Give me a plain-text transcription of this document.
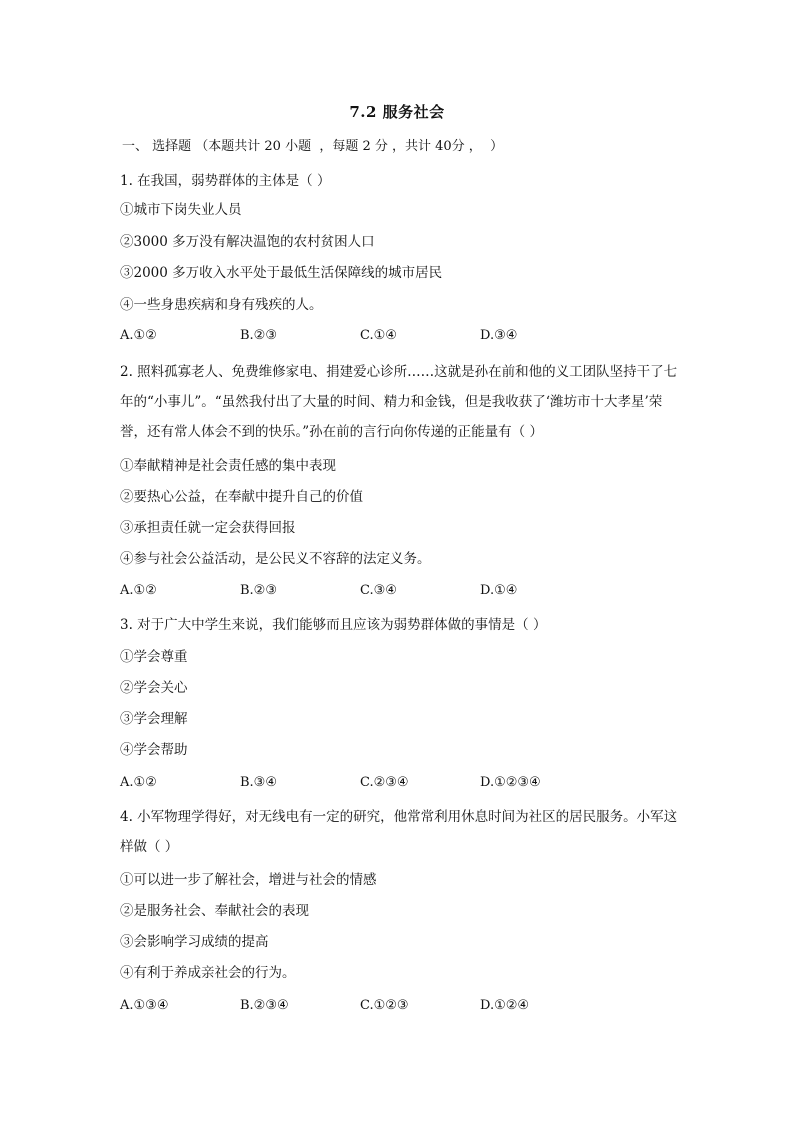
7.2 服务社会
一、 选择题 （本题共计 20 小题  ，每题 2 分 ，共计 40分 ，  ）
1. 在我国，弱势群体的主体是（ ）
①城市下岗失业人员
②3000 多万没有解决温饱的农村贫困人口
③2000 多万收入水平处于最低生活保障线的城市居民
④一些身患疾病和身有残疾的人。
A.①②	B.②③	C.①④	D.③④
2. 照料孤寡老人、免费维修家电、捐建爱心诊所……这就是孙在前和他的义工团队坚持干了七年的“小事儿”。“虽然我付出了大量的时间、精力和金钱，但是我收获了‘潍坊市十大孝星’荣誉，还有常人体会不到的快乐。”孙在前的言行向你传递的正能量有（ ）
①奉献精神是社会责任感的集中表现
②要热心公益，在奉献中提升自己的价值
③承担责任就一定会获得回报
④参与社会公益活动，是公民义不容辞的法定义务。
A.①②	B.②③	C.③④	D.①④
3. 对于广大中学生来说，我们能够而且应该为弱势群体做的事情是（ ）
①学会尊重
②学会关心
③学会理解
④学会帮助
A.①②	B.③④	C.②③④	D.①②③④
4. 小军物理学得好，对无线电有一定的研究，他常常利用休息时间为社区的居民服务。小军这样做（ ）
①可以进一步了解社会，增进与社会的情感
②是服务社会、奉献社会的表现
③会影响学习成绩的提高
④有利于养成亲社会的行为。
A.①③④	B.②③④	C.①②③	D.①②④
